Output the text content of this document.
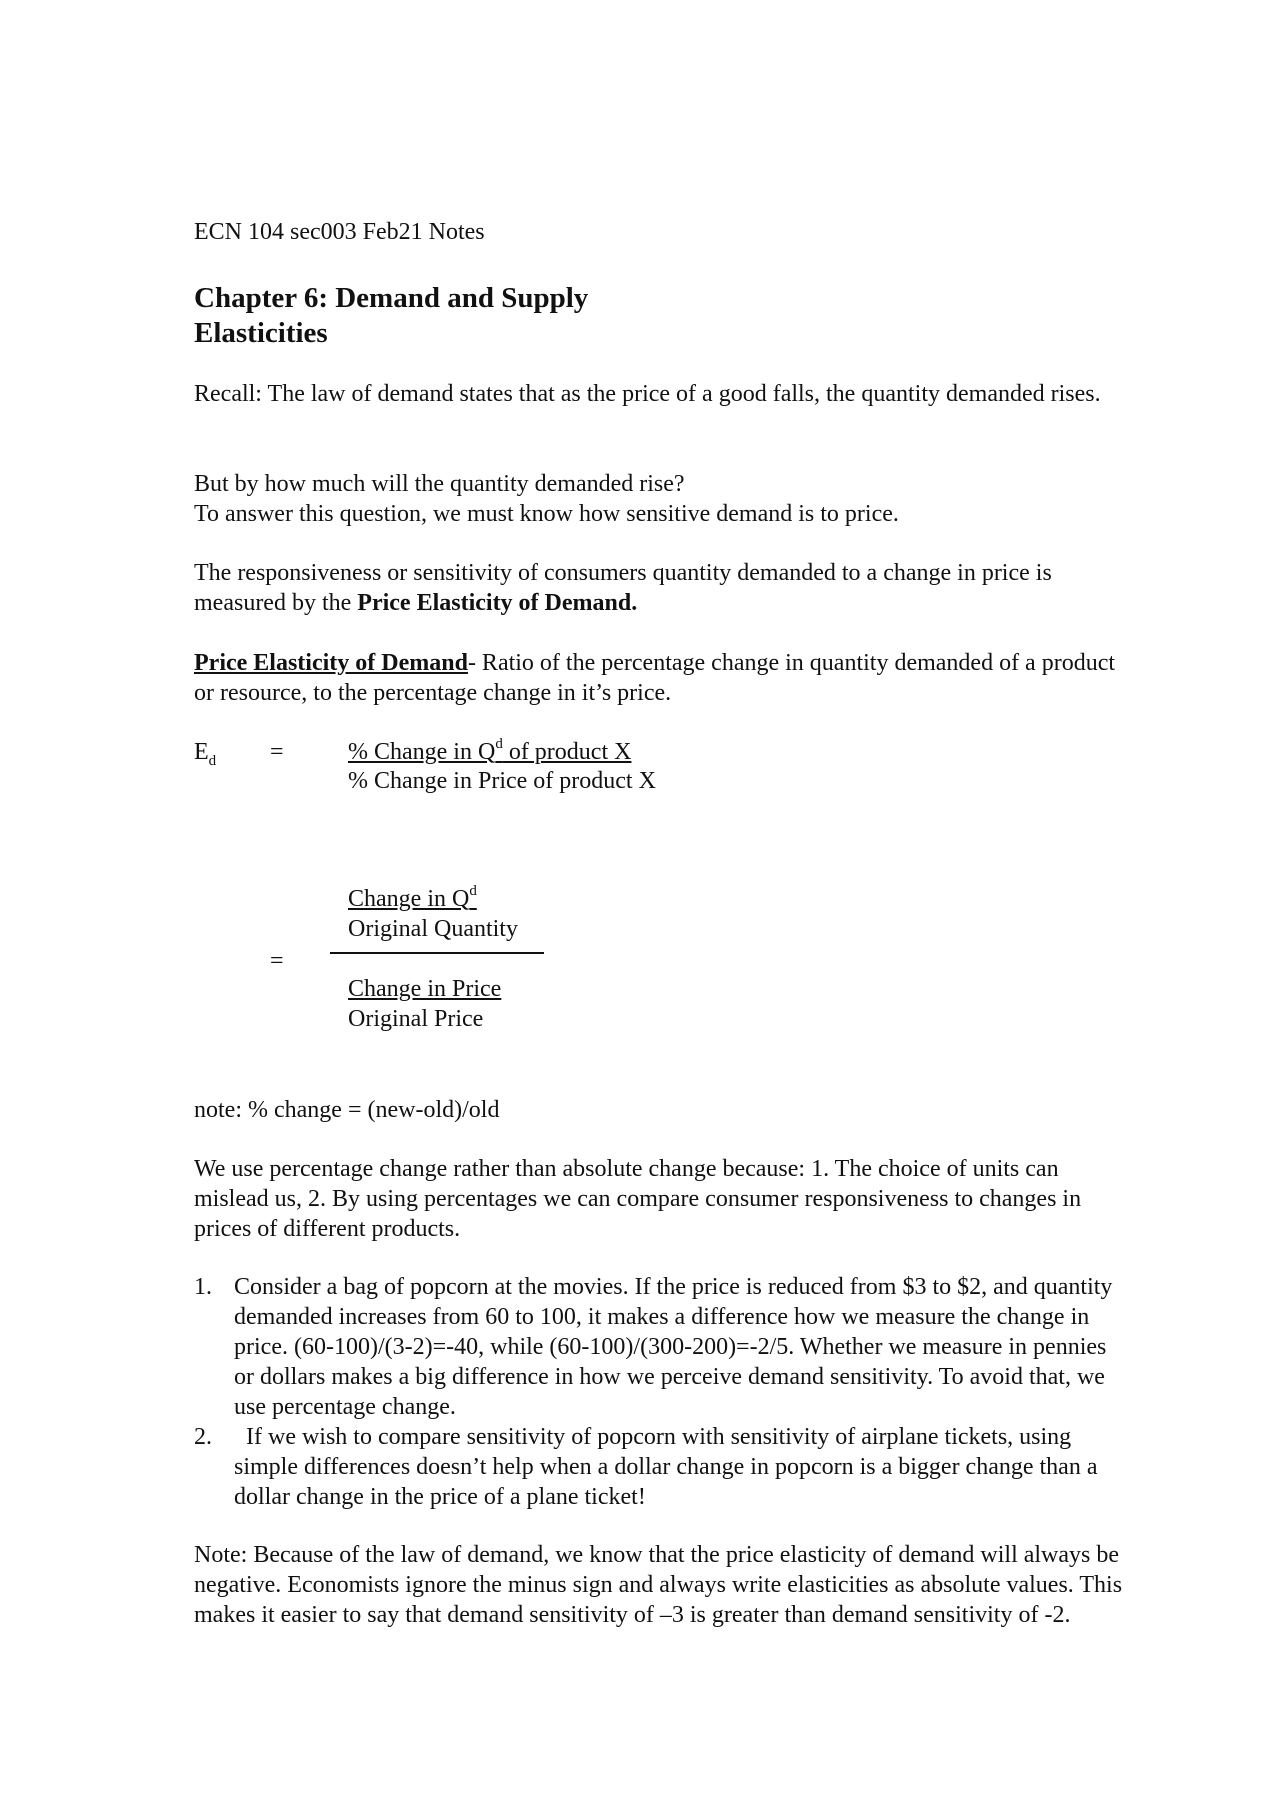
ECN 104 sec003 Feb21 Notes

Chapter 6: Demand and Supply

Elasticities

Recall: The law of demand states that as the price of a good falls, the quantity demanded rises.

But by how much will the quantity demanded rise?

To answer this question, we must know how sensitive demand is to price.

The responsiveness or sensitivity of consumers quantity demanded to a change in price is measured by the Price Elasticity of Demand.

Price Elasticity of Demand- Ratio of the percentage change in quantity demanded of a product or resource, to the percentage change in it’s price.

$E_d$ =	% Change in $Q^d$ of product X

% Change in Price of product X

Change in $Q^d$

Original Quantity

=

Change in Price

Original Price

note: % change = (new-old)/old

We use percentage change rather than absolute change because: 1. The choice of units can mislead us, 2. By using percentages we can compare consumer responsiveness to changes in prices of different products.

1. Consider a bag of popcorn at the movies. If the price is reduced from $3 to $2, and quantity demanded increases from 60 to 100, it makes a difference how we measure the change in price. (60-100)/(3-2)=-40, while (60-100)/(300-200)=-2/5. Whether we measure in pennies or dollars makes a big difference in how we perceive demand sensitivity. To avoid that, we use percentage change.
2. If we wish to compare sensitivity of popcorn with sensitivity of airplane tickets, using simple differences doesn’t help when a dollar change in popcorn is a bigger change than a dollar change in the price of a plane ticket!

Note: Because of the law of demand, we know that the price elasticity of demand will always be negative. Economists ignore the minus sign and always write elasticities as absolute values. This makes it easier to say that demand sensitivity of –3 is greater than demand sensitivity of -2.
